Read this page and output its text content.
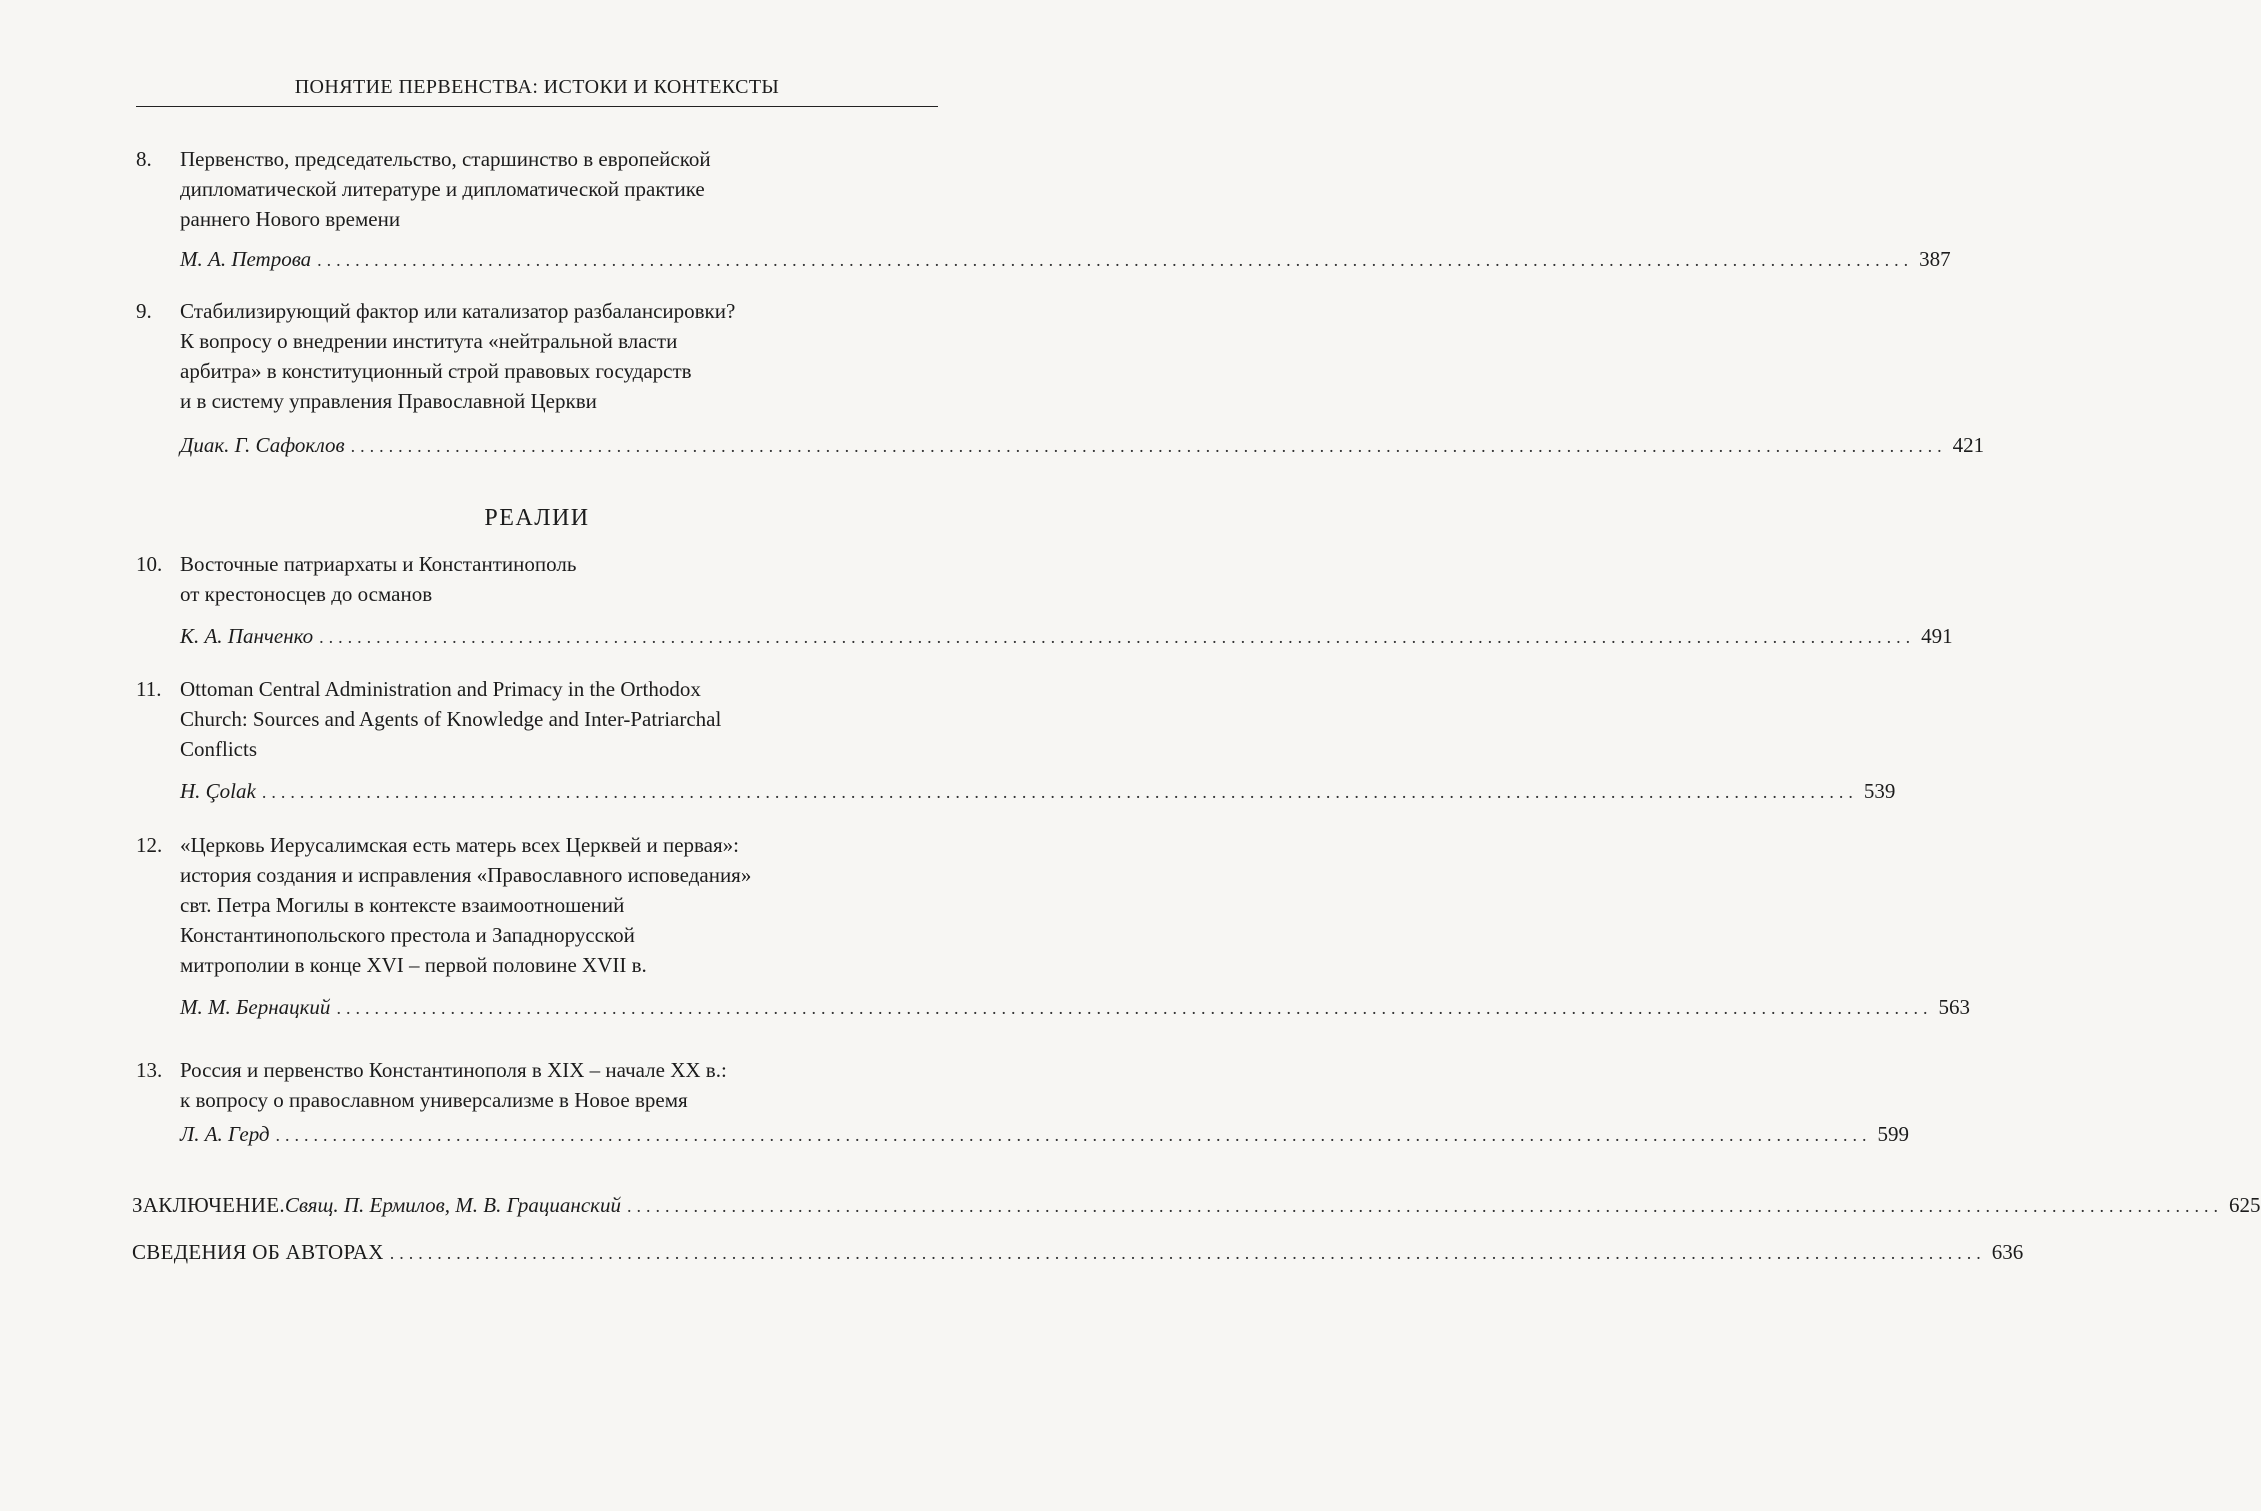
ПОНЯТИЕ ПЕРВЕНСТВА: ИСТОКИ И КОНТЕКСТЫ
8. Первенство, председательство, старшинство в европейской
дипломатической литературе и дипломатической практике
раннего Нового времени
М. А. Петрова ........................................................................................................................................................................ 387
9. Стабилизирующий фактор или катализатор разбалансировки?
К вопросу о внедрении института «нейтральной власти
арбитра» в конституционный строй правовых государств
и в систему управления Православной Церкви
Диак. Г. Сафоклов ........................................................................................................................................................................ 421
РЕАЛИИ
10. Восточные патриархаты и Константинополь
от крестоносцев до османов
К. А. Панченко ........................................................................................................................................................................ 491
11. Ottoman Central Administration and Primacy in the Orthodox
Church: Sources and Agents of Knowledge and Inter-Patriarchal
Conflicts
H. Çolak ........................................................................................................................................................................ 539
12. «Церковь Иерусалимская есть матерь всех Церквей и первая»:
история создания и исправления «Православного исповедания»
свт. Петра Могилы в контексте взаимоотношений
Константинопольского престола и Западнорусской
митрополии в конце XVI – первой половине XVII в.
М. М. Бернацкий ........................................................................................................................................................................ 563
13. Россия и первенство Константинополя в XIX – начале XX в.:
к вопросу о православном универсализме в Новое время
Л. А. Герд ........................................................................................................................................................................ 599
ЗАКЛЮЧЕНИЕ. Свящ. П. Ермилов, М. В. Грацианский ........................................................................................................................................................................ 625
СВЕДЕНИЯ ОБ АВТОРАХ ........................................................................................................................................................................ 636
